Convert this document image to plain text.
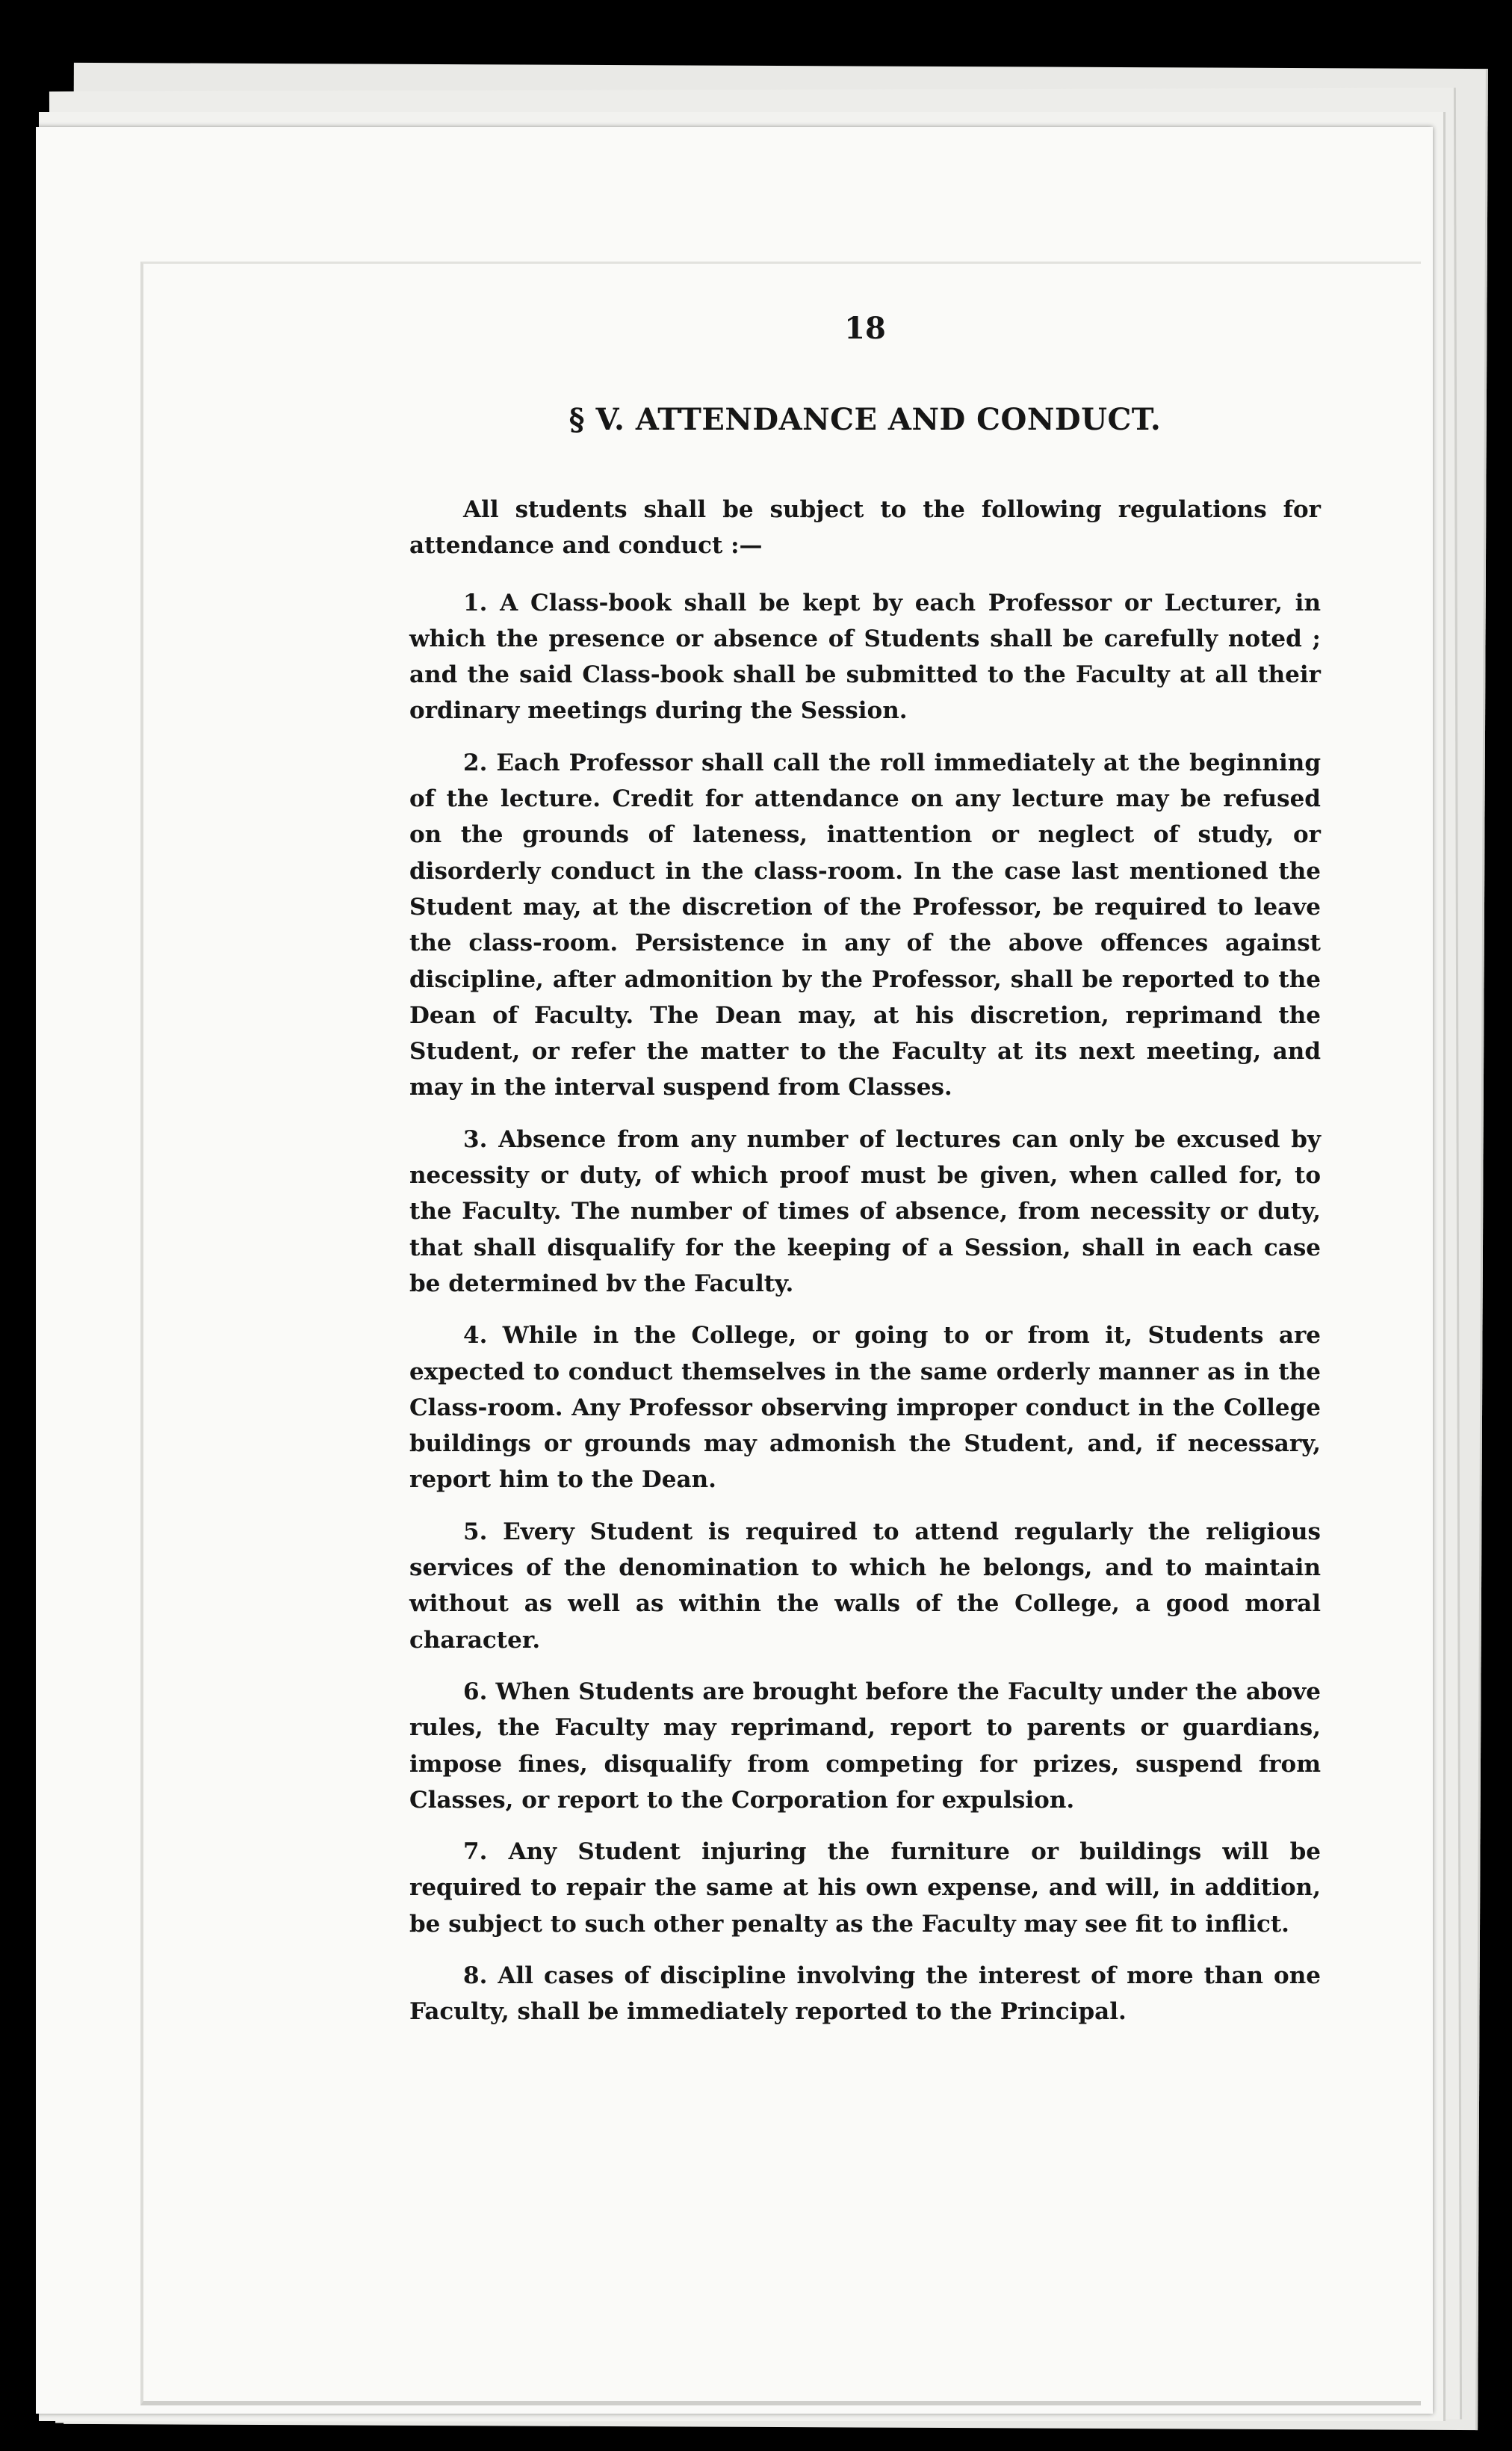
18
§ V. ATTENDANCE AND CONDUCT.

All students shall be subject to the following regulations for attendance and conduct :—

1. A Class-book shall be kept by each Professor or Lecturer, in which the presence or absence of Students shall be carefully noted ; and the said Class-book shall be submitted to the Faculty at all their ordinary meetings during the Session.

2. Each Professor shall call the roll immediately at the beginning of the lecture. Credit for attendance on any lecture may be refused on the grounds of lateness, inattention or neglect of study, or disorderly conduct in the class-room. In the case last mentioned the Student may, at the discretion of the Professor, be required to leave the class-room. Persistence in any of the above offences against discipline, after admonition by the Professor, shall be reported to the Dean of Faculty. The Dean may, at his discretion, reprimand the Student, or refer the matter to the Faculty at its next meeting, and may in the interval suspend from Classes.

3. Absence from any number of lectures can only be excused by necessity or duty, of which proof must be given, when called for, to the Faculty. The number of times of absence, from necessity or duty, that shall disqualify for the keeping of a Session, shall in each case be determined bv the Faculty.

4. While in the College, or going to or from it, Students are expected to conduct themselves in the same orderly manner as in the Class-room. Any Professor observing improper conduct in the College buildings or grounds may admonish the Student, and, if necessary, report him to the Dean.

5. Every Student is required to attend regularly the religious services of the denomination to which he belongs, and to maintain without as well as within the walls of the College, a good moral character.

6. When Students are brought before the Faculty under the above rules, the Faculty may reprimand, report to parents or guardians, impose fines, disqualify from competing for prizes, suspend from Classes, or report to the Corporation for expulsion.

7. Any Student injuring the furniture or buildings will be required to repair the same at his own expense, and will, in addition, be subject to such other penalty as the Faculty may see fit to inflict.

8. All cases of discipline involving the interest of more than one Faculty, shall be immediately reported to the Principal.
